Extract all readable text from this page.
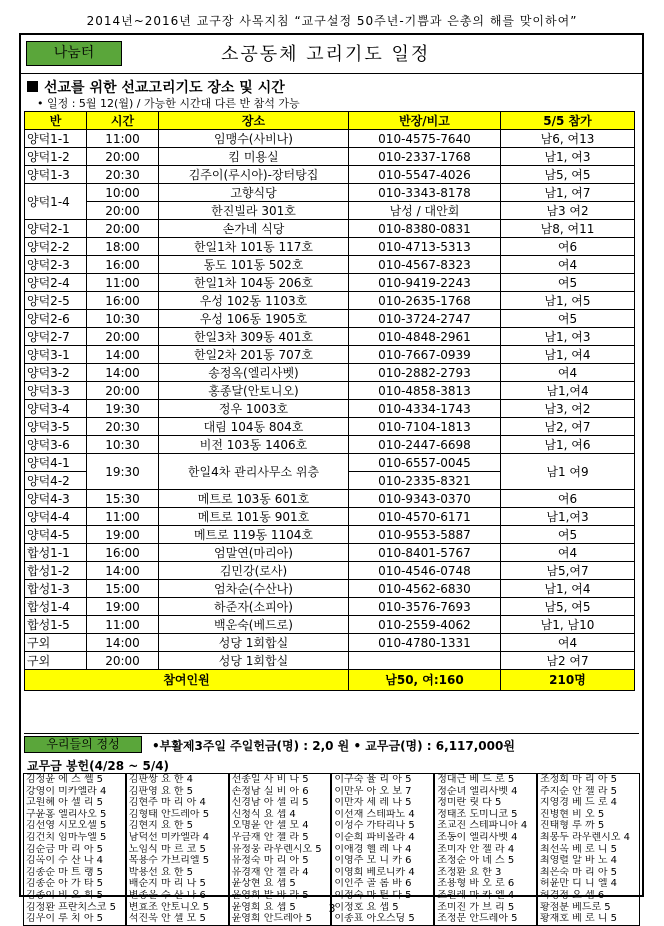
2014년~2016년 교구장 사목지침 “교구설정 50주년-기쁨과 은총의 해를 맞이하여”
나눔터	소공동체 고리기도 일정
선교를 위한 선교고리기도 장소 및 시간
• 일정 : 5월 12(월) / 가능한 시간대 다른 반 참석 가능
반	시간	장소	반장/비고	5/5 참가
양덕1-1	11:00	임맹수(사비나)	010-4575-7640	남6, 여13
양덕1-2	20:00	킴 미용실	010-2337-1768	남1, 여3
양덕1-3	20:30	김주이(루시아)-장터탕집	010-5547-4026	남5, 여5
양덕1-4	10:00	고향식당	010-3343-8178	남1, 여7
	20:00	한진빌라 301호	남성 / 대안회	남3 여2
양덕2-1	20:00	손가네 식당	010-8380-0831	남8, 여11
양덕2-2	18:00	한일1차 101동 117호	010-4713-5313	여6
양덕2-3	16:00	동도 101동 502호	010-4567-8323	여4
양덕2-4	11:00	한일1차 104동 206호	010-9419-2243	여5
양덕2-5	16:00	우성 102동 1103호	010-2635-1768	남1, 여5
양덕2-6	10:30	우성 106동 1905호	010-3724-2747	여5
양덕2-7	20:00	한일3차 309동 401호	010-4848-2961	남1, 여3
양덕3-1	14:00	한일2차 201동 707호	010-7667-0939	남1, 여4
양덕3-2	14:00	송정옥(엘리사벳)	010-2882-2793	여4
양덕3-3	20:00	홍종달(안토니오)	010-4858-3813	남1,여4
양덕3-4	19:30	정우 1003호	010-4334-1743	남3, 여2
양덕3-5	20:30	대림 104동 804호	010-7104-1813	남2, 여7
양덕3-6	10:30	비전 103동 1406호	010-2447-6698	남1, 여6
양덕4-1	19:30	한일4차 관리사무소 위층	010-6557-0045	남1 여9
양덕4-2			010-2335-8321	
양덕4-3	15:30	메트로 103동 601호	010-9343-0370	여6
양덕4-4	11:00	메트로 101동 901호	010-4570-6171	남1,여3
양덕4-5	19:00	메트로 119동 1104호	010-9553-5887	여5
합성1-1	16:00	엄말연(마리아)	010-8401-5767	여4
합성1-2	14:00	김민강(로사)	010-4546-0748	남5,여7
합성1-3	15:00	엄차순(수산나)	010-4562-6830	남1, 여4
합성1-4	19:00	하준자(소피아)	010-3576-7693	남5, 여5
합성1-5	11:00	백운숙(베드로)	010-2559-4062	남1, 남10
구외	14:00	성당 1회합실	010-4780-1331	여4
구외	20:00	성당 1회합실		남2 여7
참여인원			남50, 여:160	210명
우리들의 정성	•부활제3주일 주일헌금(명) : 2,0 원 • 교무금(명) : 6,117,000원
교무금 봉헌(4/28 ~ 5/4)
김정윤 에 스 쎌 5
강영이 미카엘라 4
고원혜 아 셀 리 5
구윤홍 엘리사오 5
김선영 시모오셀 5
김건치 임마누엘 5
김순금 마 리 아 5
김옥이 수 산 나 4
김종순 마 트 랭 5
김종순 아 가 타 5
김종이 비 오 회 5
김정환 프란치스코 5
김우이 루 치 아 5
김판쌍 요 한 4
김판영 요 한 5
김현주 마 리 아 4
김형태 안드레아 5
김현지 요 한 5
남덕선 미카엘라 4
노임식 마 르 코 5
목용수 가브리엘 5
박용선 요 한 5
배순지 마 리 나 5
변종운 수 산 나 6
변효조 안토니오 5
석진욱 안 셀 모 5
선종일 사 비 나 5
손정남 실 비 아 6
신경남 아 셀 리 5
신청식 요 셉 4
오명윤 안 셀 모 4
우금재 안 젤 라 5
유정웅 라우렌시오 5
유정숙 마 리 아 5
유경재 안 젤 라 4
윤상현 요 셉 5
윤영희 발 바 라 5
윤영희 요 셉 5
윤영희 안드레아 5
이구숙 율 리 아 5
이만우 아 오 보 7
이만자 세 레 나 5
이선재 스테파노 4
이성수 가타리나 5
이순희 파비올라 4
이애경 헬 레 나 4
이영주 모 니 카 6
이영희 베로니카 4
이인주 골 롬 바 6
이정숙 마 틸 다 5
이정호 요 셉 5
이종표 아오스딩 5
정대근 베 드 로 5
정순녀 엘리사벳 4
정미란 릿 다 5
정태조 도미니코 5
조교진 스테파니아 4
조동이 엘리사벳 4
조미자 안 젤 라 4
조정순 아 녜 스 5
조정환 요 한 3
조용형 바 오 로 6
조원레 마 카 엘 4
조미진 가 브 리 5
조정문 안드레아 5
조정희 마 리 아 5
주지순 안 젤 라 5
지영경 베 드 로 4
진병현 비 오 5
진태형 루 까 5
최봉두 라우렌시오 4
최선옥 베 로 니 5
최영렬 알 바 노 4
최은숙 마 리 아 5
허윤만 디 니 엘 4
허경정 요 셉 6
황점분 베드로 5
황재호 베 로 니 5
3
